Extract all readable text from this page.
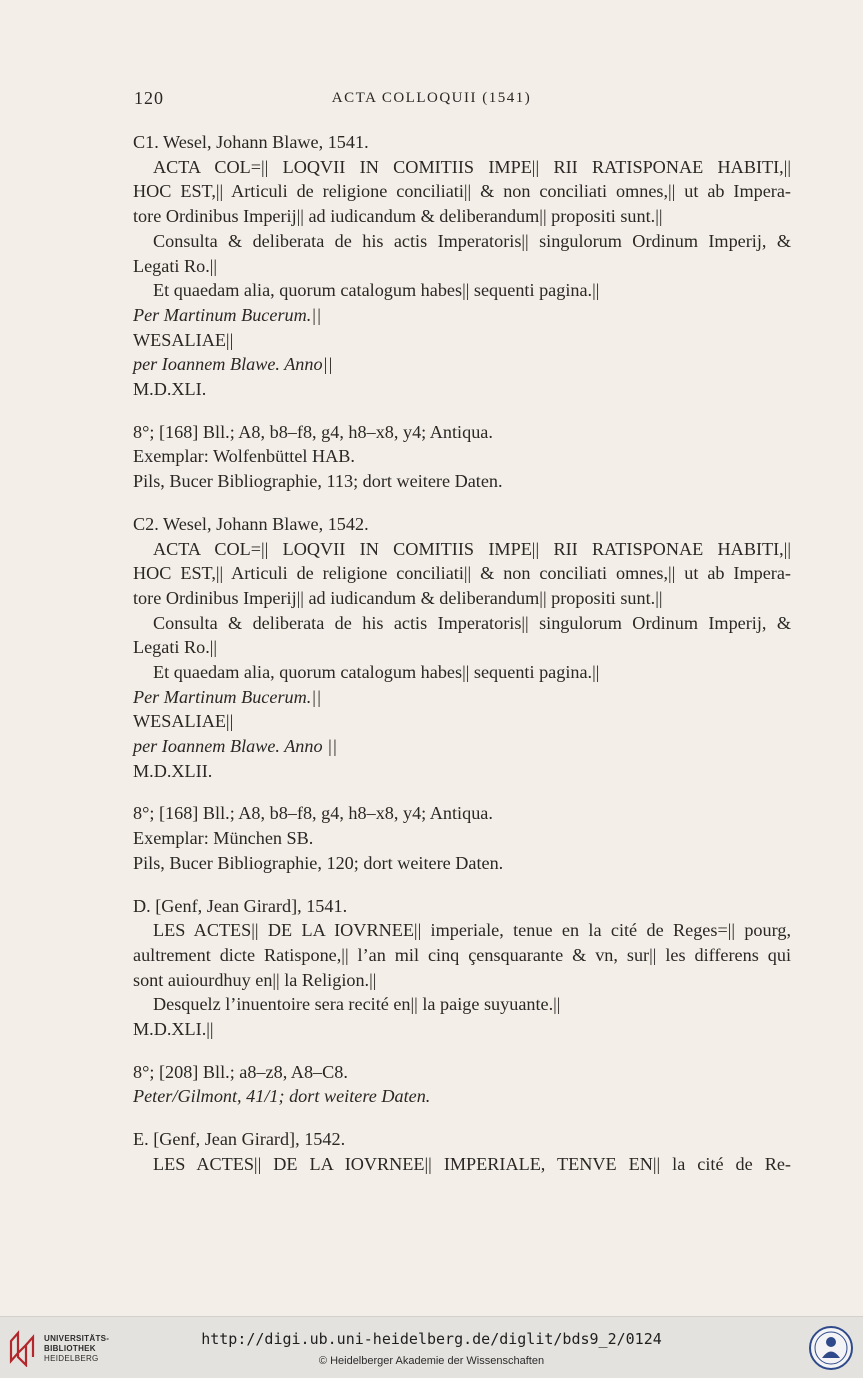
120	ACTA COLLOQUII (1541)
C1. Wesel, Johann Blawe, 1541.
ACTA COL=|| LOQVII IN COMITIIS IMPE|| RII RATISPONAE HABITI,||
HOC EST,|| Articuli de religione conciliati|| & non conciliati omnes,|| ut ab Impera-
tore Ordinibus Imperij|| ad iudicandum & deliberandum|| propositi sunt.||
Consulta & deliberata de his actis Imperatoris|| singulorum Ordinum Imperij, &
Legati Ro.||
Et quaedam alia, quorum catalogum habes|| sequenti pagina.||
Per Martinum Bucerum.||
WESALIAE||
per Ioannem Blawe. Anno||
M.D.XLI.
8°; [168] Bll.; A8, b8–f8, g4, h8–x8, y4; Antiqua.
Exemplar: Wolfenbüttel HAB.
Pils, Bucer Bibliographie, 113; dort weitere Daten.
C2. Wesel, Johann Blawe, 1542.
ACTA COL=|| LOQVII IN COMITIIS IMPE|| RII RATISPONAE HABITI,||
HOC EST,|| Articuli de religione conciliati|| & non conciliati omnes,|| ut ab Impera-
tore Ordinibus Imperij|| ad iudicandum & deliberandum|| propositi sunt.||
Consulta & deliberata de his actis Imperatoris|| singulorum Ordinum Imperij, &
Legati Ro.||
Et quaedam alia, quorum catalogum habes|| sequenti pagina.||
Per Martinum Bucerum.||
WESALIAE||
per Ioannem Blawe. Anno ||
M.D.XLII.
8°; [168] Bll.; A8, b8–f8, g4, h8–x8, y4; Antiqua.
Exemplar: München SB.
Pils, Bucer Bibliographie, 120; dort weitere Daten.
D. [Genf, Jean Girard], 1541.
LES ACTES|| DE LA IOVRNEE|| imperiale, tenue en la cité de Reges=|| pourg,
aultrement dicte Ratispone,|| l’an mil cinq çensquarante & vn, sur|| les differens qui
sont auiourdhuy en|| la Religion.||
Desquelz l’inuentoire sera recité en|| la paige suyuante.||
M.D.XLI.||
8°; [208] Bll.; a8–z8, A8–C8.
Peter/Gilmont, 41/1; dort weitere Daten.
E. [Genf, Jean Girard], 1542.
LES ACTES|| DE LA IOVRNEE|| IMPERIALE, TENVE EN|| la cité de Re-
UNIVERSITÄTS-
BIBLIOTHEK
HEIDELBERG
http://digi.ub.uni-heidelberg.de/diglit/bds9_2/0124
© Heidelberger Akademie der Wissenschaften
